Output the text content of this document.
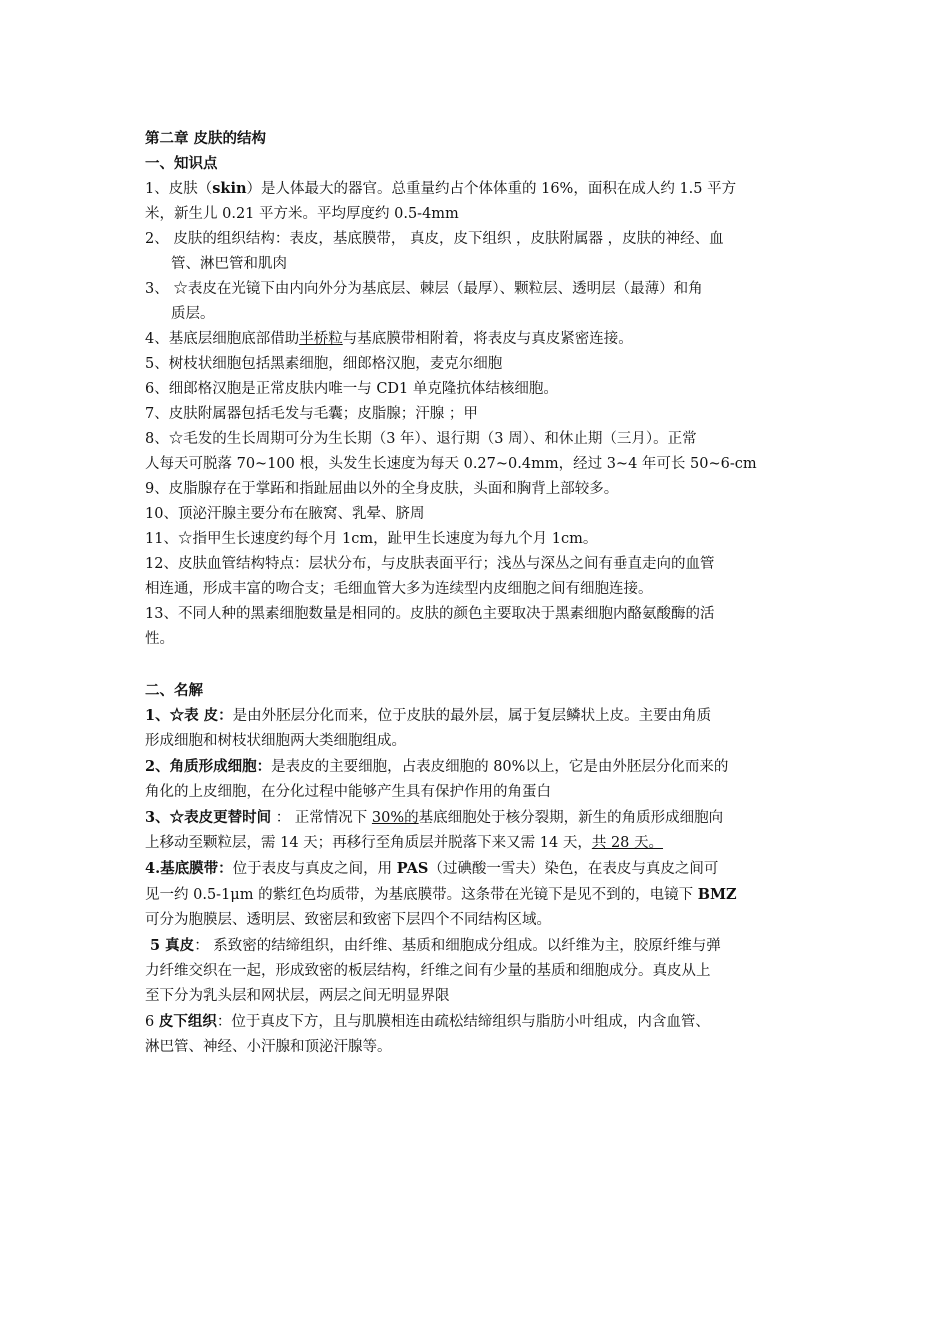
第二章 皮肤的结构
一、知识点
1、皮肤（skin）是人体最大的器官。总重量约占个体体重的 16%，面积在成人约 1.5 平方
米，新生儿 0.21 平方米。平均厚度约 0.5-4mm
2、 皮肤的组织结构：表皮，基底膜带， 真皮，皮下组织 ，皮肤附属器 ，皮肤的神经、血
管、淋巴管和肌肉
3、 ☆表皮在光镜下由内向外分为基底层、棘层（最厚）、颗粒层、透明层（最薄）和角
质层。
4、基底层细胞底部借助半桥粒与基底膜带相附着，将表皮与真皮紧密连接。
5、树枝状细胞包括黑素细胞，细郎格汉胞，麦克尔细胞
6、细郎格汉胞是正常皮肤内唯一与 CD1 单克隆抗体结核细胞。
7、皮肤附属器包括毛发与毛囊；皮脂腺；汗腺 ；甲
8、☆毛发的生长周期可分为生长期（3 年）、退行期（3 周）、和休止期（三月）。正常
人每天可脱落 70~100 根，头发生长速度为每天 0.27~0.4mm，经过 3~4 年可长 50~6-cm
9、皮脂腺存在于掌跖和指趾屈曲以外的全身皮肤，头面和胸背上部较多。
10、顶泌汗腺主要分布在腋窝、乳晕、脐周
11、☆指甲生长速度约每个月 1cm，趾甲生长速度为每九个月 1cm。
12、皮肤血管结构特点：层状分布，与皮肤表面平行；浅丛与深丛之间有垂直走向的血管
相连通，形成丰富的吻合支；毛细血管大多为连续型内皮细胞之间有细胞连接。
13、不同人种的黑素细胞数量是相同的。皮肤的颜色主要取决于黑素细胞内酪氨酸酶的活
性。
二、名解
1、☆表 皮：是由外胚层分化而来，位于皮肤的最外层，属于复层鳞状上皮。主要由角质
形成细胞和树枝状细胞两大类细胞组成。
2、角质形成细胞：是表皮的主要细胞，占表皮细胞的 80%以上，它是由外胚层分化而来的
角化的上皮细胞，在分化过程中能够产生具有保护作用的角蛋白
3、☆表皮更替时间 ： 正常情况下 30%的基底细胞处于核分裂期，新生的角质形成细胞向
上移动至颗粒层，需 14 天；再移行至角质层并脱落下来又需 14 天，共 28 天。
4.基底膜带：位于表皮与真皮之间，用 PAS（过碘酸一雪夫）染色，在表皮与真皮之间可
见一约 0.5-1μm 的紫红色均质带，为基底膜带。这条带在光镜下是见不到的，电镜下 BMZ
可分为胞膜层、透明层、致密层和致密下层四个不同结构区域。
5 真皮： 系致密的结缔组织，由纤维、基质和细胞成分组成。以纤维为主，胶原纤维与弹
力纤维交织在一起，形成致密的板层结构，纤维之间有少量的基质和细胞成分。真皮从上
至下分为乳头层和网状层，两层之间无明显界限
6 皮下组织：位于真皮下方，且与肌膜相连由疏松结缔组织与脂肪小叶组成，内含血管、
淋巴管、神经、小汗腺和顶泌汗腺等。
